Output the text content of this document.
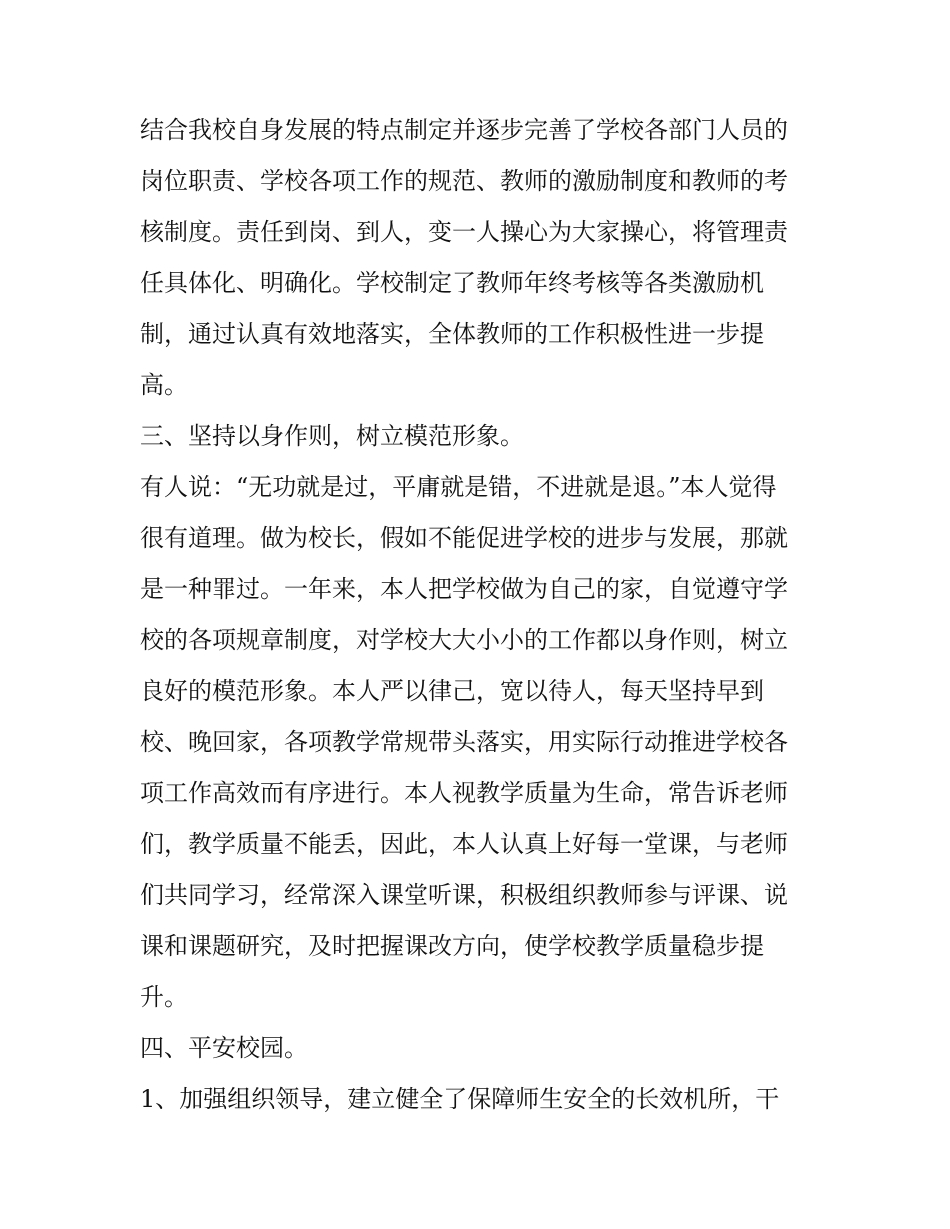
结合我校自身发展的特点制定并逐步完善了学校各部门人员的
岗位职责、学校各项工作的规范、教师的激励制度和教师的考
核制度。责任到岗、到人，变一人操心为大家操心，将管理责
任具体化、明确化。学校制定了教师年终考核等各类激励机
制，通过认真有效地落实，全体教师的工作积极性进一步提
高。
三、坚持以身作则，树立模范形象。
有人说：“无功就是过，平庸就是错，不进就是退。”本人觉得
很有道理。做为校长，假如不能促进学校的进步与发展，那就
是一种罪过。一年来，本人把学校做为自己的家，自觉遵守学
校的各项规章制度，对学校大大小小的工作都以身作则，树立
良好的模范形象。本人严以律己，宽以待人，每天坚持早到
校、晚回家，各项教学常规带头落实，用实际行动推进学校各
项工作高效而有序进行。本人视教学质量为生命，常告诉老师
们，教学质量不能丢，因此，本人认真上好每一堂课，与老师
们共同学习，经常深入课堂听课，积极组织教师参与评课、说
课和课题研究，及时把握课改方向，使学校教学质量稳步提
升。
四、平安校园。
1、加强组织领导，建立健全了保障师生安全的长效机所，干
